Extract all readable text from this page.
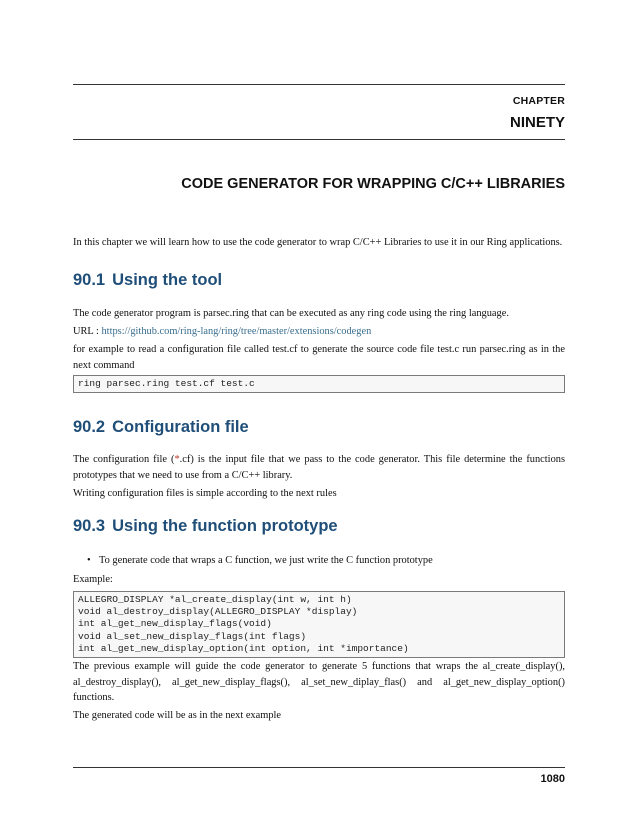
CHAPTER
NINETY
CODE GENERATOR FOR WRAPPING C/C++ LIBRARIES

In this chapter we will learn how to use the code generator to wrap C/C++ Libraries to use it in our Ring applications.

90.1 Using the tool

The code generator program is parsec.ring that can be executed as any ring code using the ring language.

URL : https://github.com/ring-lang/ring/tree/master/extensions/codegen

for example to read a configuration file called test.cf to generate the source code file test.c run parsec.ring as in the next command

ring parsec.ring test.cf test.c
90.2 Configuration file

The configuration file (*.cf) is the input file that we pass to the code generator. This file determine the functions prototypes that we need to use from a C/C++ library.

Writing configuration files is simple according to the next rules

90.3 Using the function prototype
• To generate code that wraps a C function, we just write the C function prototype

Example:

ALLEGRO_DISPLAY *al_create_display(int w, int h)
void al_destroy_display(ALLEGRO_DISPLAY *display)
int al_get_new_display_flags(void)
void al_set_new_display_flags(int flags)
int al_get_new_display_option(int option, int *importance)

The previous example will guide the code generator to generate 5 functions that wraps the al_create_display(), al_destroy_display(), al_get_new_display_flags(), al_set_new_diplay_flas() and al_get_new_display_option() functions.

The generated code will be as in the next example

1080
